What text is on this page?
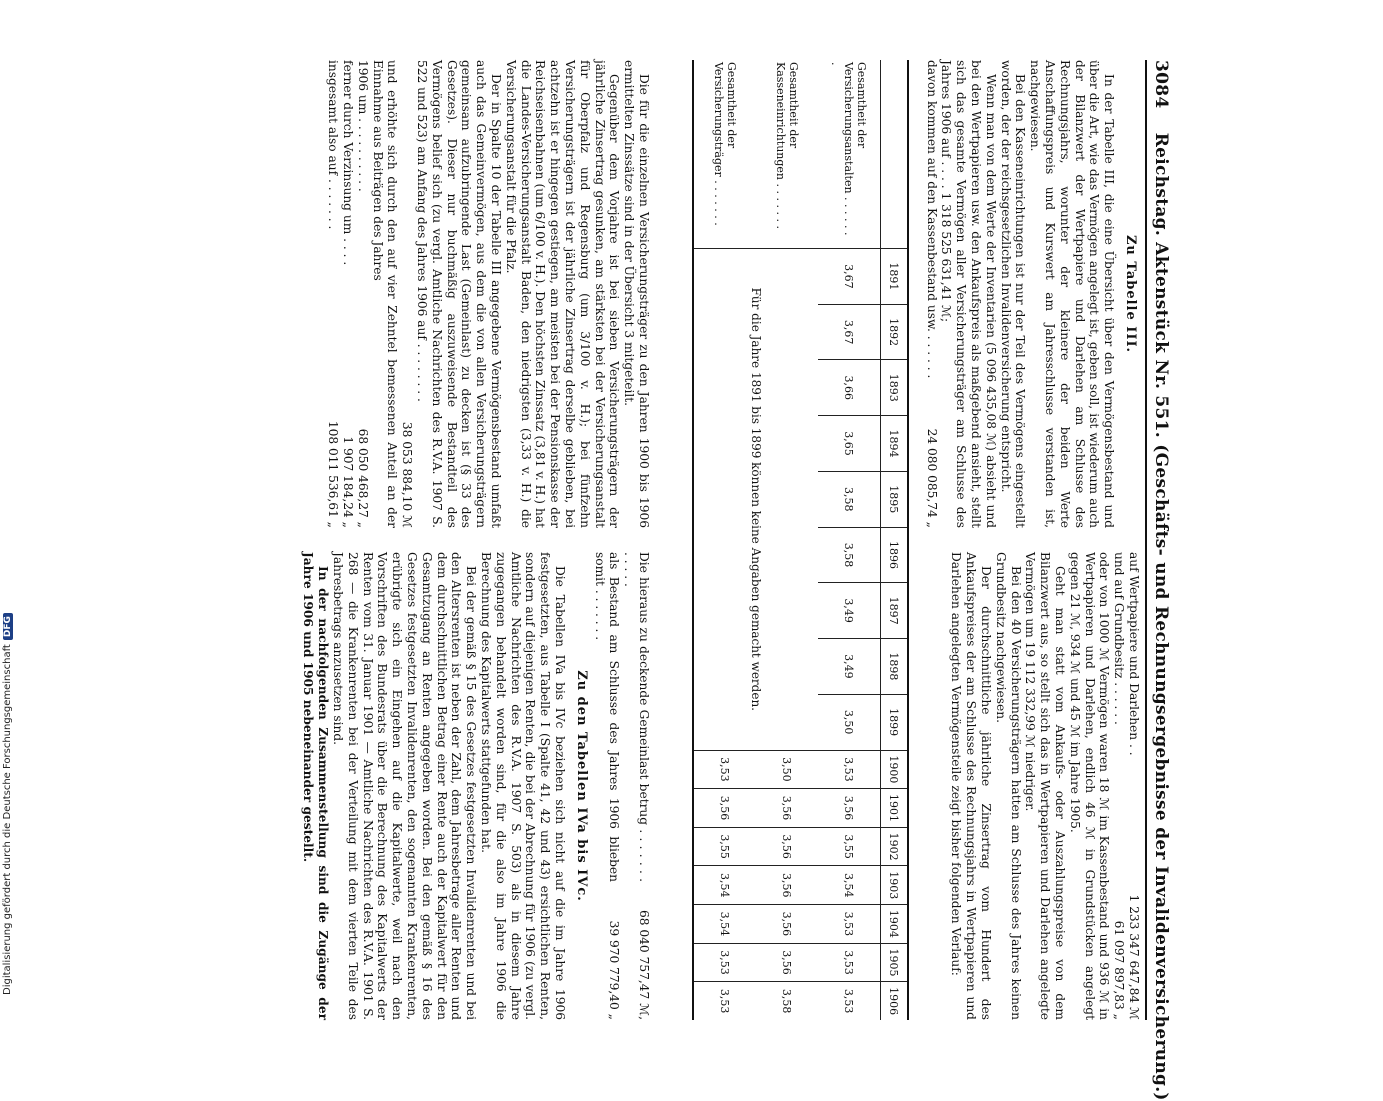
Digitalisierung gefördert durch die Deutsche ForschungsgemeinschaftDFG
3084 Reichstag. Aktenstück Nr. 551. (Geschäfts- und Rechnungsergebnisse der Invalidenversicherung.)
Zu Tabelle III.

In der Tabelle III, die eine Übersicht über den Vermögensbestand und über die Art, wie das Vermögen angelegt ist, geben soll, ist wiederum auch der Bilanzwert der Wertpapiere und Darlehen am Schlusse des Rechnungsjahrs, worunter der kleinere der beiden Werte Anschaffungspreis und Kurswert am Jahresschlusse verstanden ist, nachgewiesen.

Bei den Kasseneinrichtungen ist nur der Teil des Vermögens eingestellt worden, der der reichsgesetzlichen Invalidenversicherung entspricht.

Wenn man von dem Werte der Inventarien (5 096 435,08 ℳ) absieht und bei den Wertpapieren usw. den Ankaufspreis als maßgebend ansieht, stellt sich das gesamte Vermögen aller Versicherungsträger am Schlusse des Jahres 1906 auf . . . . 1 318 525 631,41 ℳ;

davon kommen auf den Kassenbestand usw. . . . . . .
24 080 085,74 „
auf Wertpapiere und Darlehen . .
1 233 347 647,84 ℳ
und auf Grundbesitz . . . . . .
61 097 897,83 „

oder von 1000 ℳ Vermögen waren 18 ℳ im Kassenbestand und 936 ℳ in Wertpapieren und Darlehen, endlich 46 ℳ in Grundstücken angelegt gegen 21 ℳ, 934 ℳ und 45 ℳ im Jahre 1905.

Geht man statt vom Ankaufs- oder Auszahlungspreise von dem Bilanzwert aus, so stellt sich das in Wertpapieren und Darlehen angelegte Vermögen um 19 112 332,99 ℳ niedriger.

Bei den 40 Versicherungsträgern hatten am Schlusse des Jahres keinen Grundbesitz nachgewiesen.

Der durchschnittliche jährliche Zinsertrag vom Hundert des Ankaufspreises der am Schlusse des Rechnungsjahrs in Wertpapieren und Darlehen angelegten Vermögensteile zeigt bisher folgenden Verlauf:

	1891	1892	1893	1894	1895	1896	1897	1898	1899	1900	1901	1902	1903	1904	1905	1906
Gesamtheit der Versicherungsanstalten . . . . . . .	3,67	3,67	3,66	3,65	3,58	3,58	3,49	3,49	3,50	3,53	3,56	3,55	3,54	3,53	3,53	3,53
Gesamtheit der Kasseneinrichtungen . . . . . . .	Für die Jahre 1891 bis 1899 können keine Angaben gemacht werden.									3,50	3,56	3,56	3,56	3,56	3,56	3,58
Gesamtheit der Versicherungsträger . . . . . . .										3,53	3,56	3,55	3,54	3,54	3,53	3,53

Die für die einzelnen Versicherungsträger zu den Jahren 1900 bis 1906 ermittelten Zinssätze sind in der Übersicht 3 mitgeteilt.

Gegenüber dem Vorjahre ist bei sieben Versicherungsträgern der jährliche Zinsertrag gesunken, am stärksten bei der Versicherungsanstalt für Oberpfalz und Regensburg (um 3/100 v. H.); bei fünfzehn Versicherungsträgern ist der jährliche Zinsertrag derselbe geblieben, bei achtzehn ist er hingegen gestiegen, am meisten bei der Pensionskasse der Reichseisenbahnen (um 6/100 v. H.). Den höchsten Zinssatz (3,81 v. H.) hat die Landes-Versicherungsanstalt Baden, den niedrigsten (3,33 v. H.) die Versicherungsanstalt für die Pfalz.

Der in Spalte 10 der Tabelle III angegebene Vermögensbestand umfaßt auch das Gemeinvermögen, aus dem die von allen Versicherungsträgern gemeinsam aufzubringende Last (Gemeinlast) zu decken ist (§ 33 des Gesetzes). Dieser nur buchmäßig auszuweisende Bestandteil des Vermögens belief sich (zu vergl. Amtliche Nachrichten des R.V.A. 1907 S. 522 und 523) am Anfang des Jahres 1906 auf . . . . . . . .

38 053 884,10 ℳ

und erhöhte sich durch den auf vier Zehntel bemessenen Anteil an der Einnahme aus Beiträgen des Jahres

1906 um . . . . . . . . . .
68 050 468,27 „
ferner durch Verzinsung um . . . .
1 907 184,24 „
insgesamt also auf . . . . . . .
108 011 536,61 „
Die hieraus zu deckende Gemeinlast betrug . . . . . . . . . . . .
68 040 757,47 ℳ,
als Bestand am Schlusse des Jahres 1906 blieben somit . . . . . . .
39 970 779,40 „
Zu den Tabellen IVa bis IVc.

Die Tabellen IVa bis IVc beziehen sich nicht auf die im Jahre 1906 festgesetzten, aus Tabelle I (Spalte 41, 42 und 43) ersichtlichen Renten, sondern auf diejenigen Renten, die bei der Abrechnung für 1906 (zu vergl. Amtliche Nachrichten des R.V.A. 1907 S. 503) als in diesem Jahre zugegangen behandelt worden sind, für die also im Jahre 1906 die Berechnung des Kapitalwerts stattgefunden hat.

Bei der gemäß § 15 des Gesetzes festgesetzten Invalidenrenten und bei den Altersrenten ist neben der Zahl, dem Jahresbetrage aller Renten und dem durchschnittlichen Betrag einer Rente auch der Kapitalwert für den Gesamtzugang an Renten angegeben worden. Bei den gemäß § 16 des Gesetzes festgesetzten Invalidenrenten, den sogenannten Krankenrenten, erübrigte sich ein Eingehen auf die Kapitalwerte, weil nach den Vorschriften des Bundesrats über die Berechnung des Kapitalwerts der Renten vom 31. Januar 1901 — Amtliche Nachrichten des R.V.A. 1901 S. 268 — die Krankenrenten bei der Verteilung mit dem vierten Teile des Jahresbetrags anzusetzen sind.

In der nachfolgenden Zusammenstellung sind die Zugänge der Jahre 1906 und 1905 nebeneinander gestellt.
